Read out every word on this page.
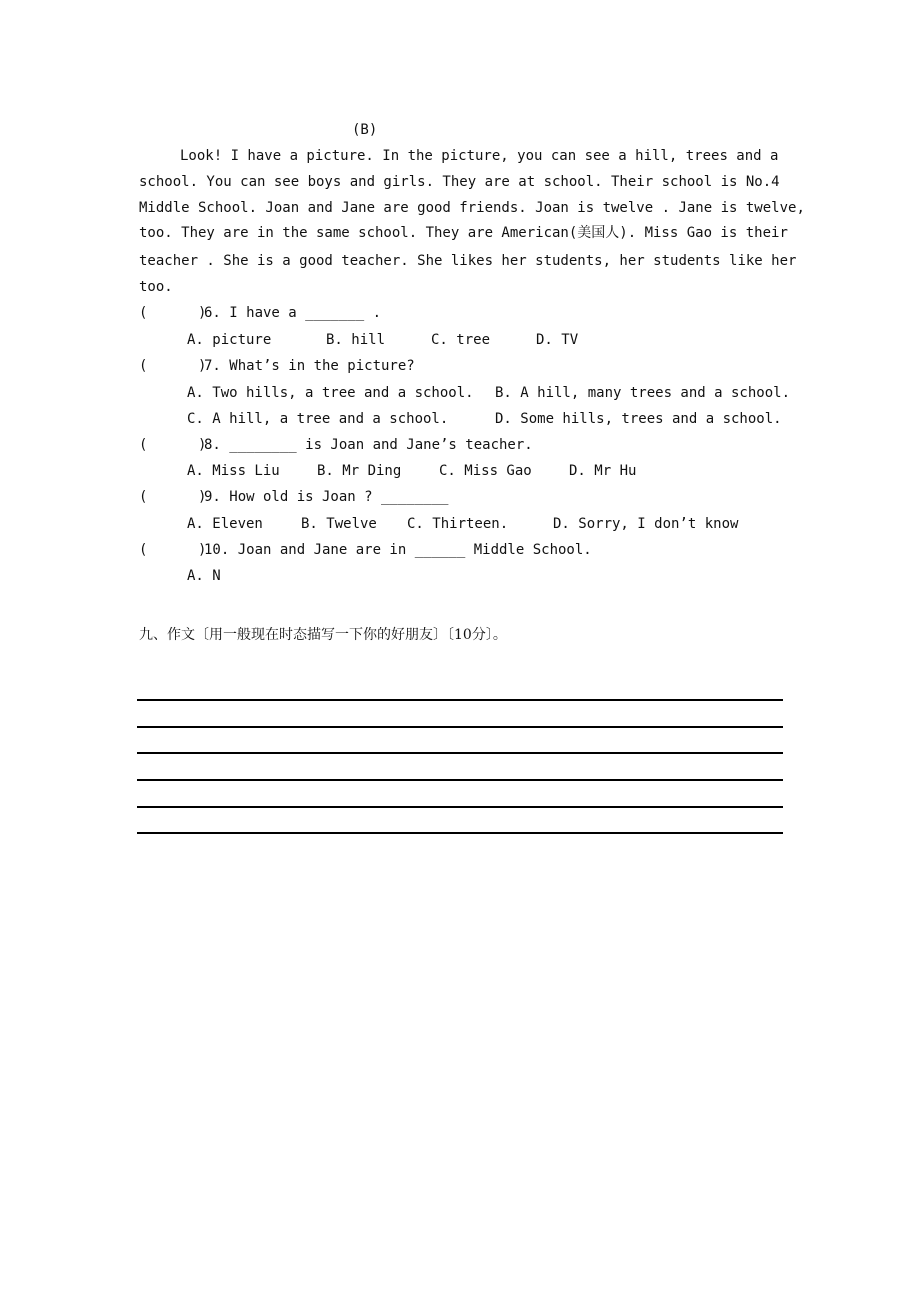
(B)
Look! I have a picture. In the picture, you can see a hill, trees and a
school. You can see boys and girls. They are at school. Their school is No.4
Middle School. Joan and Jane are good friends. Joan is twelve . Jane is twelve,
too. They are in the same school. They are American(美国人). Miss Gao is their
teacher . She is a good teacher. She likes her students, her students like her
too.
(      )
6. I have a _______ .
A. picture	B. hill	C. tree	D. TV
(      )
7. What’s in the picture?
A. Two hills, a tree and a school. B. A hill, many trees and a school.
C. A hill, a tree and a school.	D. Some hills, trees and a school.
(      )
8. ________ is Joan and Jane’s teacher.
A. Miss Liu	B. Mr Ding	C. Miss Gao	D. Mr Hu
(      )
9. How old is Joan ? ________
A. Eleven	B. Twelve C. Thirteen.	D. Sorry, I don’t know
(      )
10. Joan and Jane are in ______ Middle School.
A. N
九、作文〔用一般现在时态描写一下你的好朋友〕〔10分〕。
